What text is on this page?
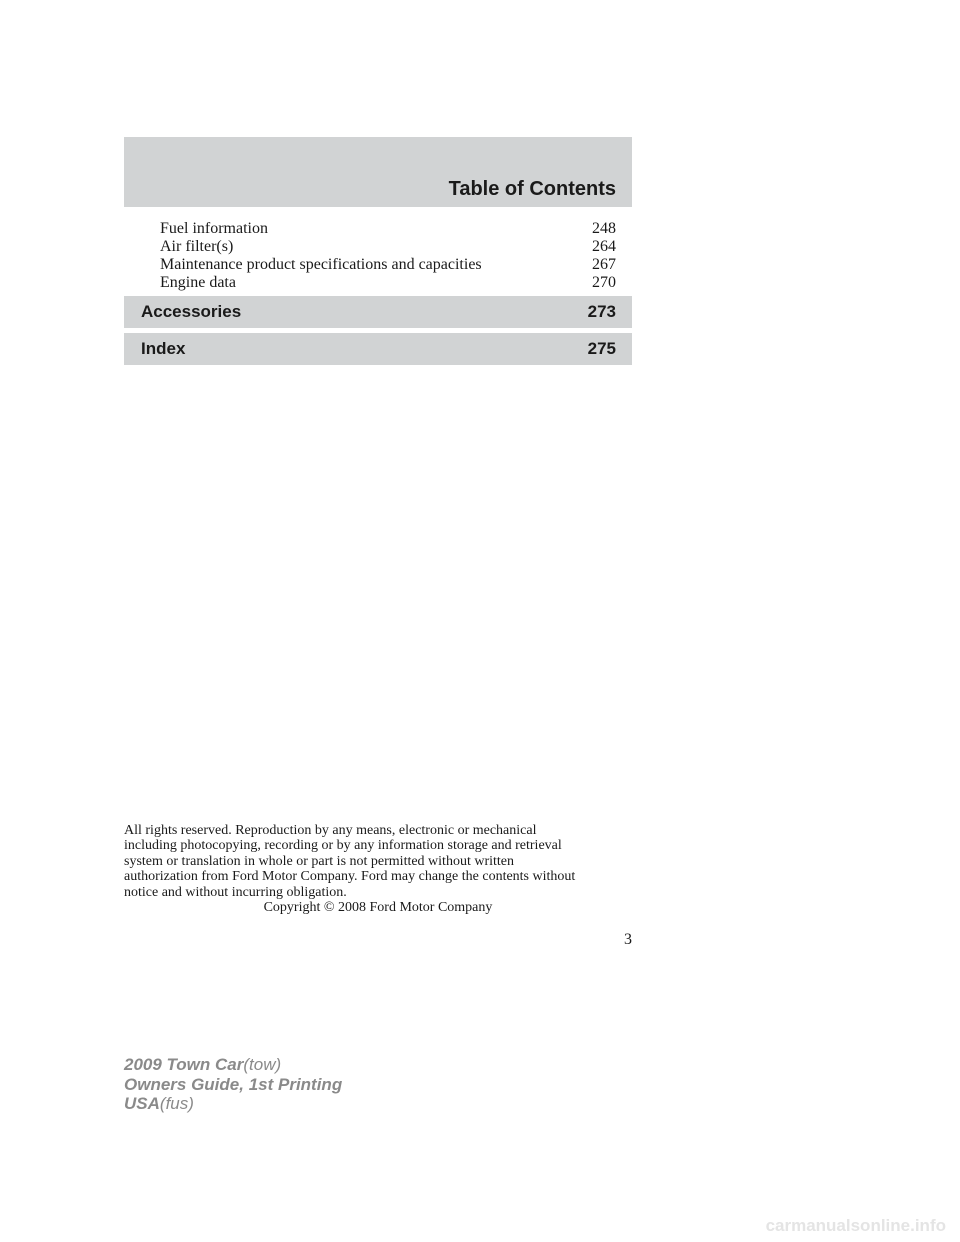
Table of Contents
Fuel information	248
Air filter(s)	264
Maintenance product specifications and capacities	267
Engine data	270
Accessories	273
Index	275

All rights reserved. Reproduction by any means, electronic or mechanical
including photocopying, recording or by any information storage and retrieval
system or translation in whole or part is not permitted without written
authorization from Ford Motor Company. Ford may change the contents without
notice and without incurring obligation.

Copyright © 2008 Ford Motor Company

3

2009 Town Car(tow)
Owners Guide, 1st Printing
USA(fus)
carmanualsonline.info
